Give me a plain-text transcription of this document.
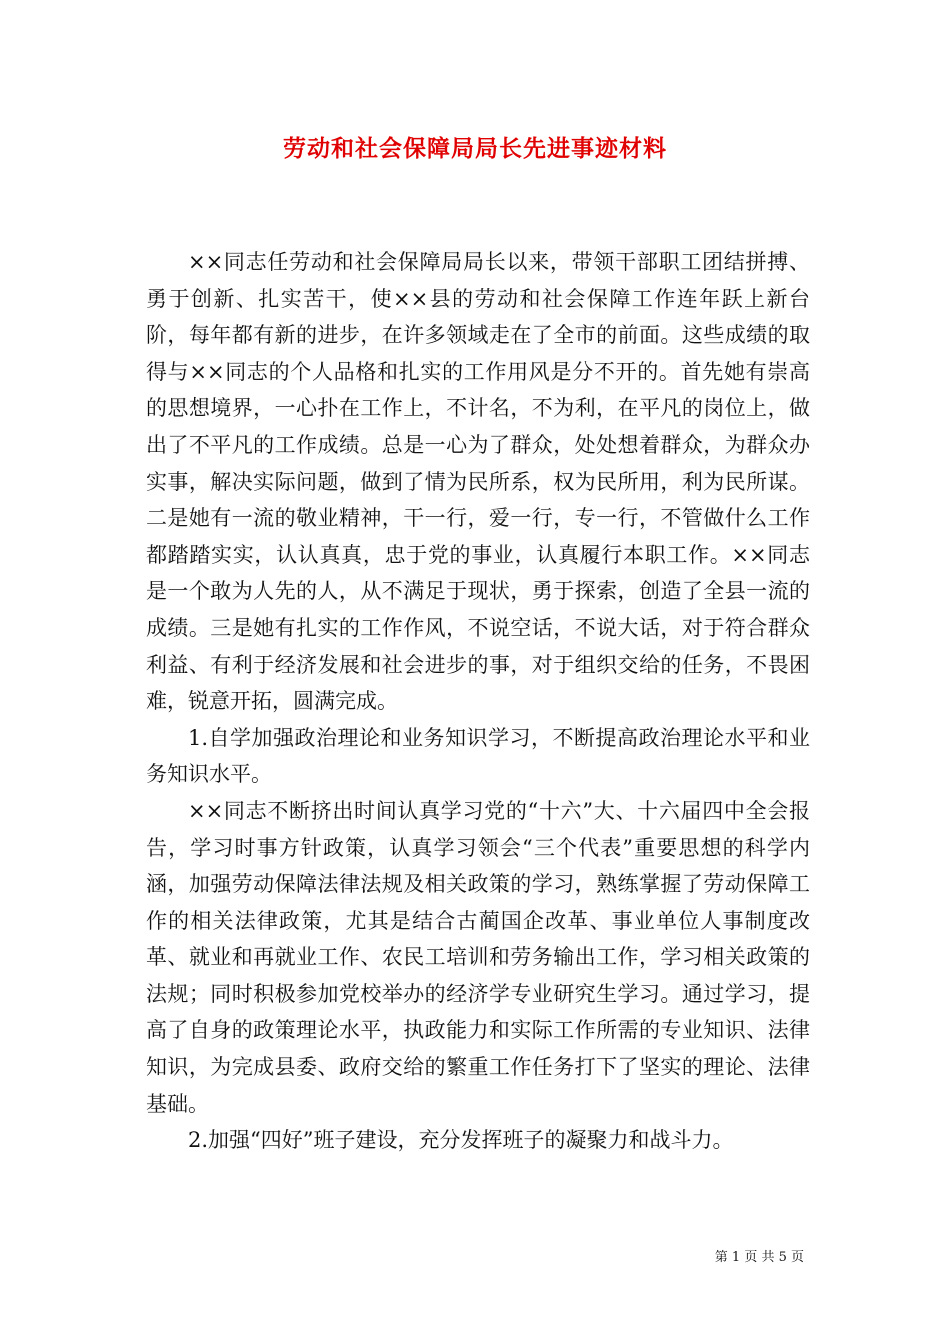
劳动和社会保障局局长先进事迹材料

××同志任劳动和社会保障局局长以来，带领干部职工团结拼搏、勇于创新、扎实苦干，使××县的劳动和社会保障工作连年跃上新台阶，每年都有新的进步，在许多领域走在了全市的前面。这些成绩的取得与××同志的个人品格和扎实的工作用风是分不开的。首先她有崇高的思想境界，一心扑在工作上，不计名，不为利，在平凡的岗位上，做出了不平凡的工作成绩。总是一心为了群众，处处想着群众，为群众办实事，解决实际问题，做到了情为民所系，权为民所用，利为民所谋。二是她有一流的敬业精神，干一行，爱一行，专一行，不管做什么工作都踏踏实实，认认真真，忠于党的事业，认真履行本职工作。××同志是一个敢为人先的人，从不满足于现状，勇于探索，创造了全县一流的成绩。三是她有扎实的工作作风，不说空话，不说大话，对于符合群众利益、有利于经济发展和社会进步的事，对于组织交给的任务，不畏困难，锐意开拓，圆满完成。

1.自学加强政治理论和业务知识学习，不断提高政治理论水平和业务知识水平。

××同志不断挤出时间认真学习党的“十六”大、十六届四中全会报告，学习时事方针政策，认真学习领会“三个代表”重要思想的科学内涵，加强劳动保障法律法规及相关政策的学习，熟练掌握了劳动保障工作的相关法律政策，尤其是结合古蔺国企改革、事业单位人事制度改革、就业和再就业工作、农民工培训和劳务输出工作，学习相关政策的法规；同时积极参加党校举办的经济学专业研究生学习。通过学习，提高了自身的政策理论水平，执政能力和实际工作所需的专业知识、法律知识，为完成县委、政府交给的繁重工作任务打下了坚实的理论、法律基础。

2.加强“四好”班子建设，充分发挥班子的凝聚力和战斗力。

第 1 页 共 5 页
